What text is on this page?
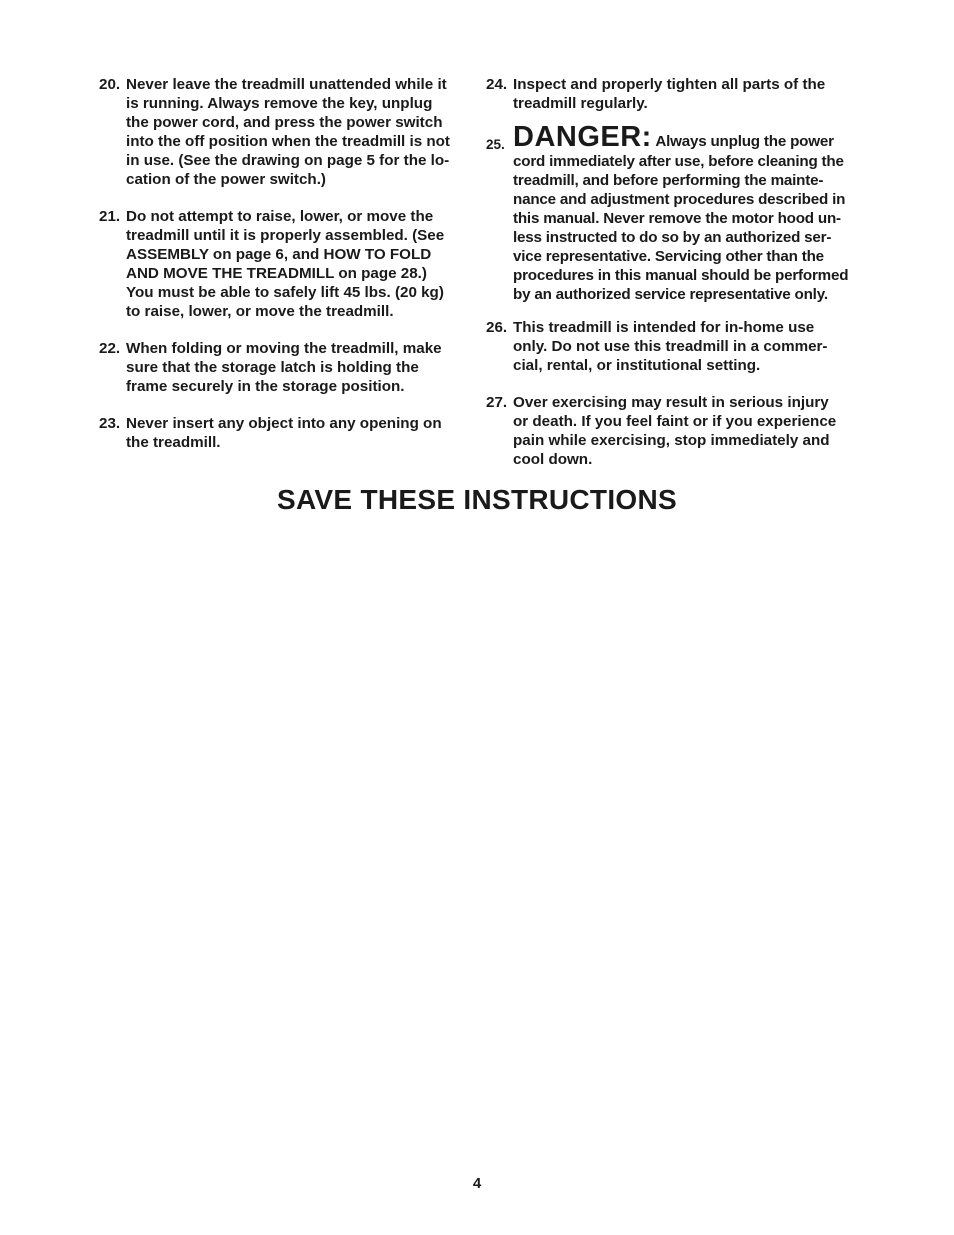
20. Never leave the treadmill unattended while it
is running. Always remove the key, unplug
the power cord, and press the power switch
into the off position when the treadmill is not
in use. (See the drawing on page 5 for the lo-
cation of the power switch.)
21. Do not attempt to raise, lower, or move the
treadmill until it is properly assembled. (See
ASSEMBLY on page 6, and HOW TO FOLD
AND MOVE THE TREADMILL on page 28.)
You must be able to safely lift 45 lbs. (20 kg)
to raise, lower, or move the treadmill.
22. When folding or moving the treadmill, make
sure that the storage latch is holding the
frame securely in the storage position.
23. Never insert any object into any opening on
the treadmill.
24. Inspect and properly tighten all parts of the
treadmill regularly.
25. DANGER: Always unplug the power
cord immediately after use, before cleaning the
treadmill, and before performing the mainte-
nance and adjustment procedures described in
this manual. Never remove the motor hood un-
less instructed to do so by an authorized ser-
vice representative. Servicing other than the
procedures in this manual should be performed
by an authorized service representative only.
26. This treadmill is intended for in-home use
only. Do not use this treadmill in a commer-
cial, rental, or institutional setting.
27. Over exercising may result in serious injury
or death. If you feel faint or if you experience
pain while exercising, stop immediately and
cool down.
SAVE THESE INSTRUCTIONS
4
